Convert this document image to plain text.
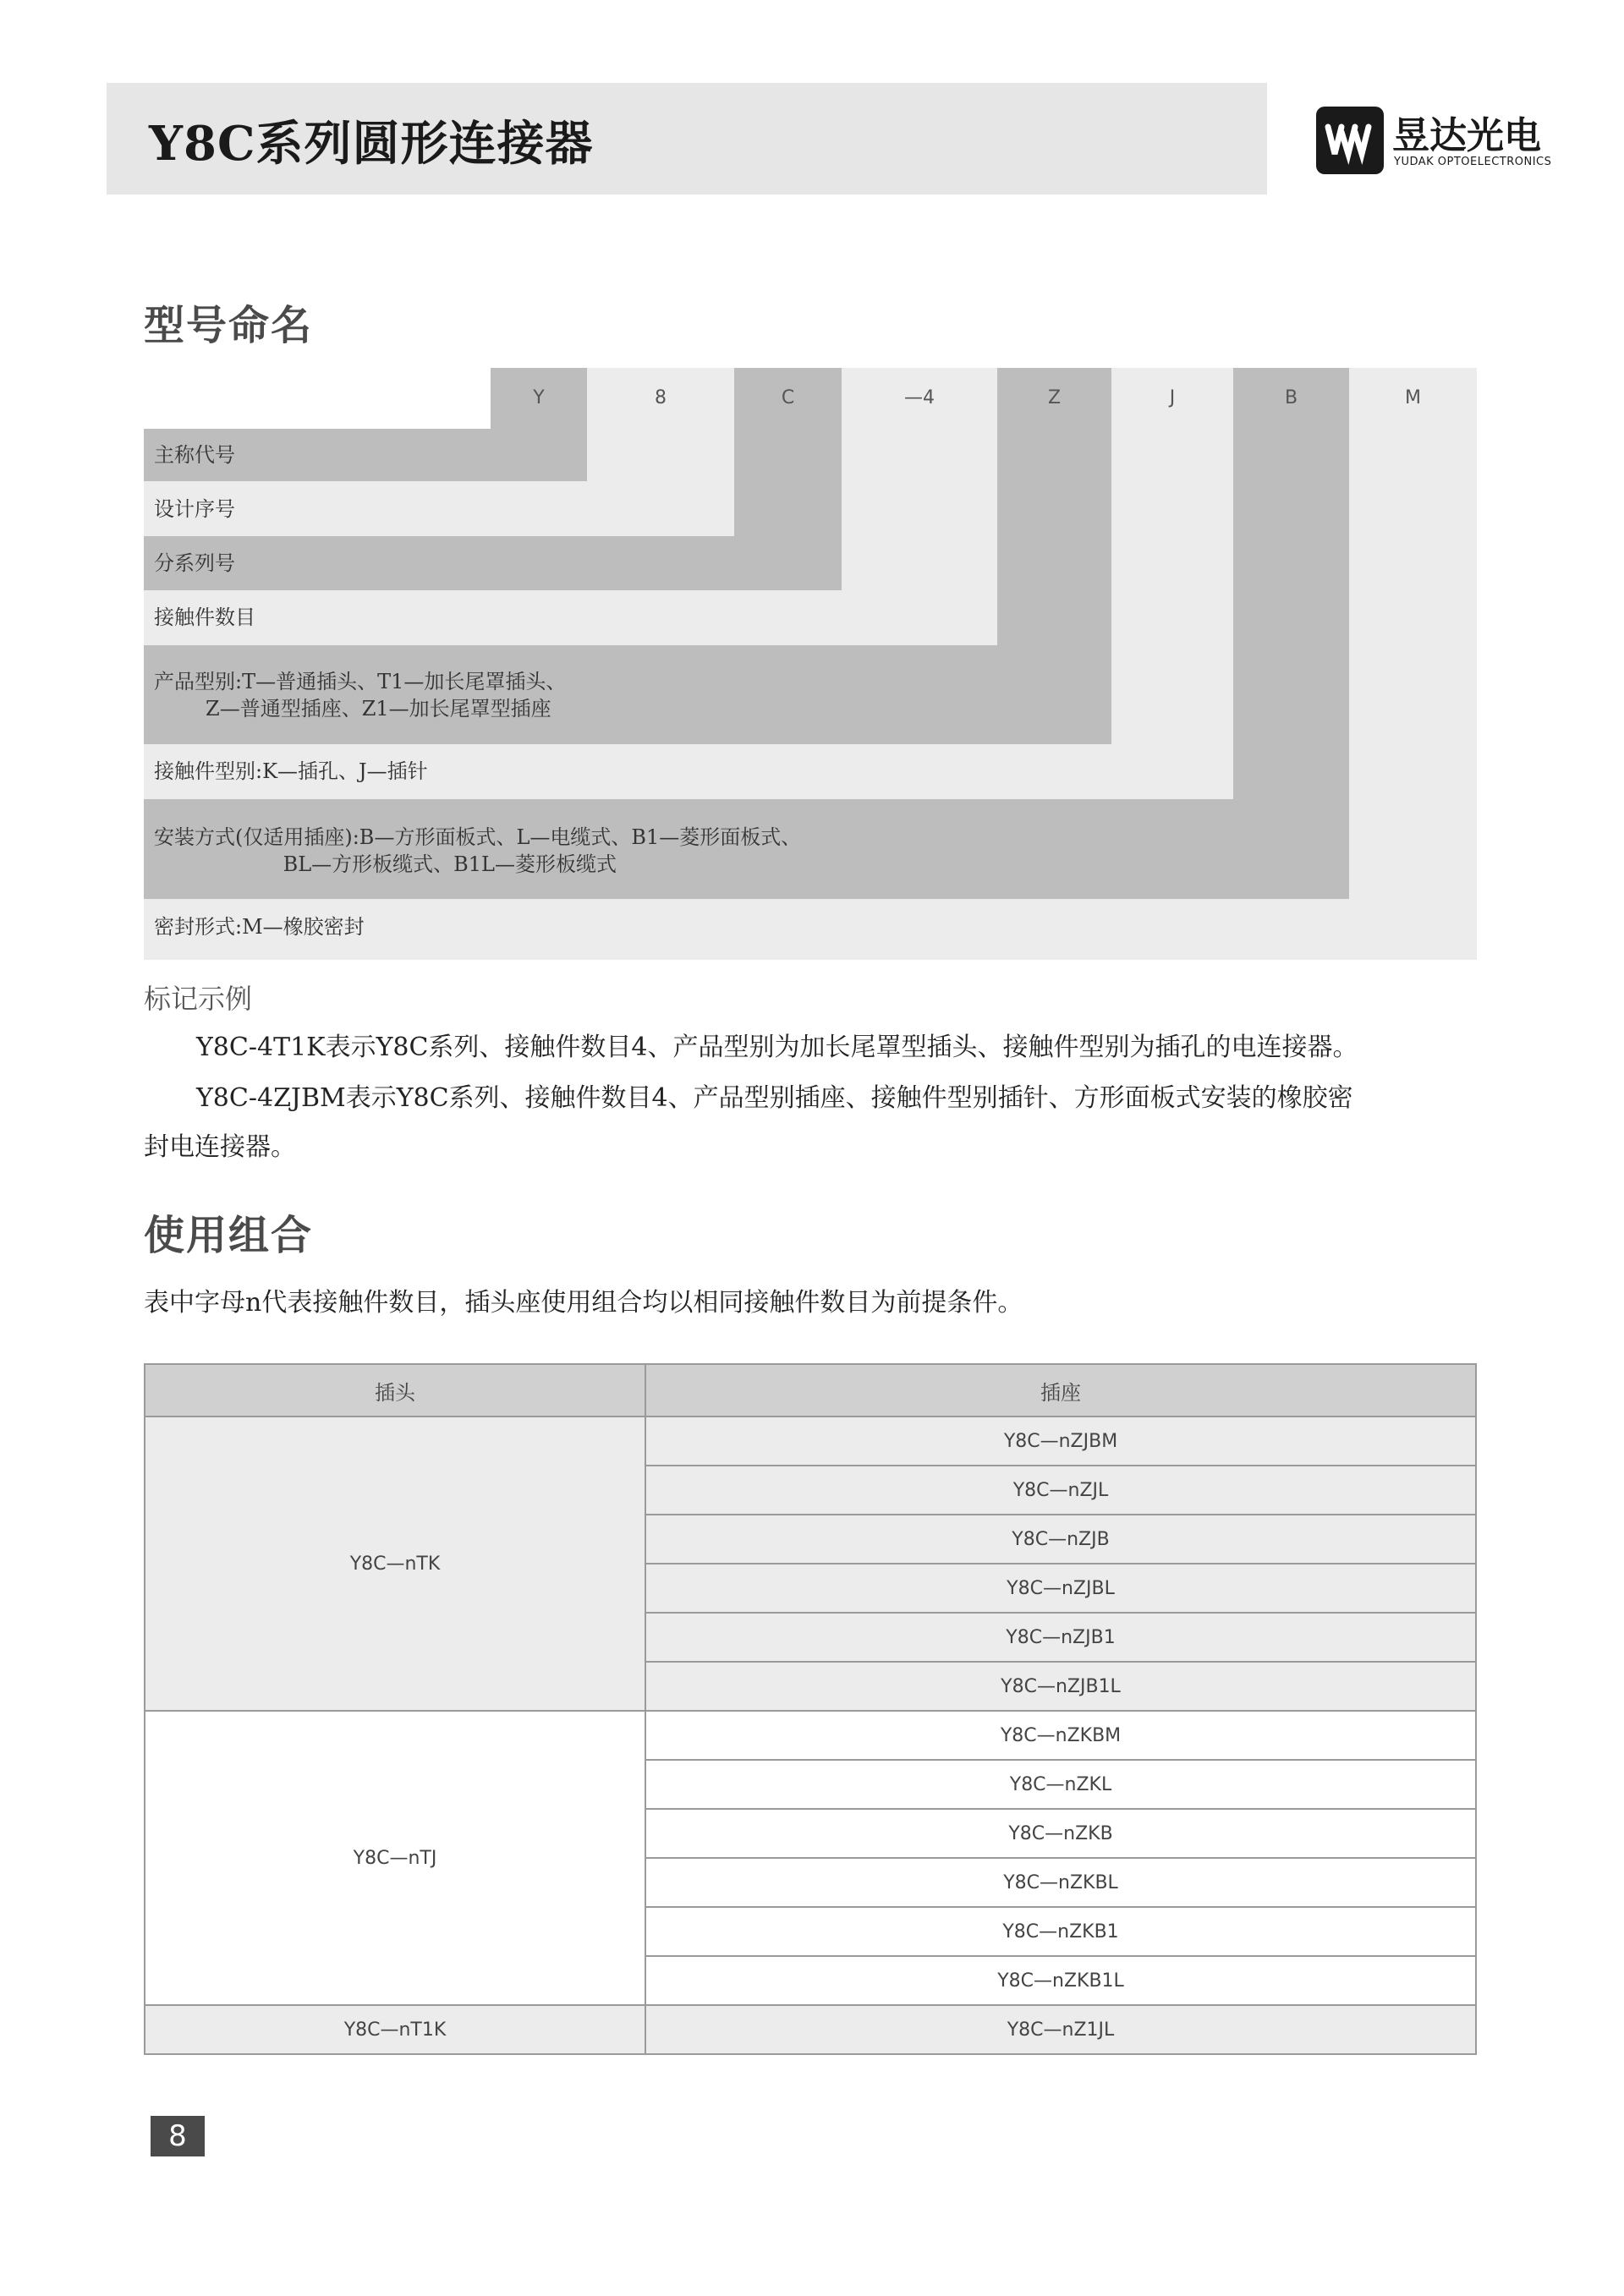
Y8C系列圆形连接器	昱达光电
YUDAK OPTOELECTRONICS
型号命名
Y	8	C	—4	Z	J	B	M
主称代号
设计序号
分系列号
接触件数目
产品型别:T—普通插头、T1—加长尾罩插头、
Z—普通型插座、Z1—加长尾罩型插座
接触件型别:K—插孔、J—插针
安装方式(仅适用插座):B—方形面板式、L—电缆式、B1—菱形面板式、
BL—方形板缆式、B1L—菱形板缆式
密封形式:M—橡胶密封
标记示例
Y8C-4T1K表示Y8C系列、接触件数目4、产品型别为加长尾罩型插头、接触件型别为插孔的电连接器。
Y8C-4ZJBM表示Y8C系列、接触件数目4、产品型别插座、接触件型别插针、方形面板式安装的橡胶密
封电连接器。
使用组合
表中字母n代表接触件数目，插头座使用组合均以相同接触件数目为前提条件。
插头	插座
Y8C—nTK	Y8C—nZJBM
	Y8C—nZJL
	Y8C—nZJB
	Y8C—nZJBL
	Y8C—nZJB1
	Y8C—nZJB1L
Y8C—nTJ	Y8C—nZKBM
	Y8C—nZKL
	Y8C—nZKB
	Y8C—nZKBL
	Y8C—nZKB1
	Y8C—nZKB1L
Y8C—nT1K	Y8C—nZ1JL
8
